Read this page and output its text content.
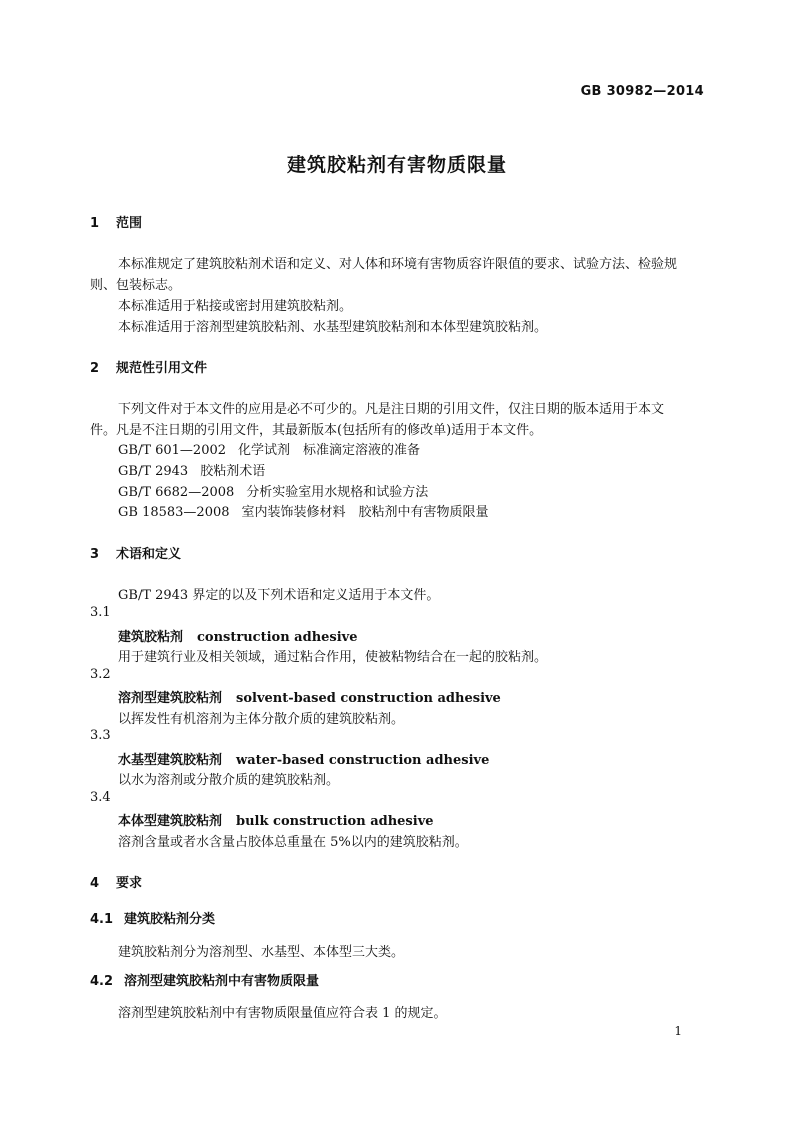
GB 30982—2014
建筑胶粘剂有害物质限量
1 范围
本标准规定了建筑胶粘剂术语和定义、对人体和环境有害物质容许限值的要求、试验方法、检验规
则、包装标志。
本标准适用于粘接或密封用建筑胶粘剂。
本标准适用于溶剂型建筑胶粘剂、水基型建筑胶粘剂和本体型建筑胶粘剂。
2 规范性引用文件
下列文件对于本文件的应用是必不可少的。凡是注日期的引用文件，仅注日期的版本适用于本文
件。凡是不注日期的引用文件，其最新版本(包括所有的修改单)适用于本文件。
GB/T 601—2002 化学试剂　标准滴定溶液的准备
GB/T 2943 胶粘剂术语
GB/T 6682—2008 分析实验室用水规格和试验方法
GB 18583—2008 室内装饰装修材料　胶粘剂中有害物质限量
3 术语和定义
GB/T 2943 界定的以及下列术语和定义适用于本文件。
3.1
建筑胶粘剂 construction adhesive
用于建筑行业及相关领域，通过粘合作用，使被粘物结合在一起的胶粘剂。
3.2
溶剂型建筑胶粘剂 solvent-based construction adhesive
以挥发性有机溶剂为主体分散介质的建筑胶粘剂。
3.3
水基型建筑胶粘剂 water-based construction adhesive
以水为溶剂或分散介质的建筑胶粘剂。
3.4
本体型建筑胶粘剂 bulk construction adhesive
溶剂含量或者水含量占胶体总重量在 5%以内的建筑胶粘剂。
4 要求
4.1 建筑胶粘剂分类
建筑胶粘剂分为溶剂型、水基型、本体型三大类。
4.2 溶剂型建筑胶粘剂中有害物质限量
溶剂型建筑胶粘剂中有害物质限量值应符合表 1 的规定。
1
